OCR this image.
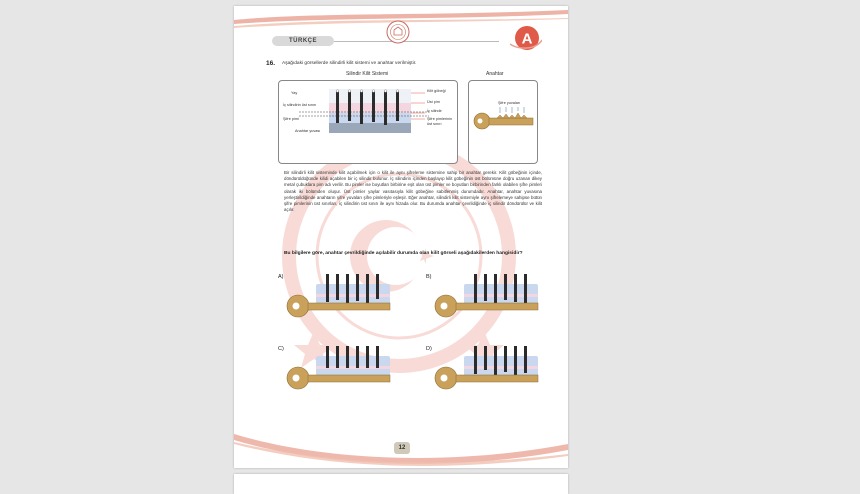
TÜRKÇE	A
16. Aşağıdaki görsellerde silindirli kilit sistemi ve anahtar verilmiştir.
Silindir Kilit Sistemi	Anahtar
Yay
İç silindirin üst sınırı
Şifre pimi
Anahtar yuvası
Kilit göbeği
Üst pim
İç silindir
Şifre pimlerinin üst sınırı
Şifre yuvaları
Bir silindirli kilit sisteminde kilit açabilmek için o kilit ile aynı şifreleme sistemine sahip bir anahtar gerekir. Kilit göbeğinin içinde, döndürüldüğünde kilidi açabilen bir iç silindir bulunur. İç silindirin içinden başlayıp kilit göbeğinin üst bölümüne doğru uzanan dikey metal çubuklara pim adı verilir. Bu pimler ise boyutları birbirine eşit olan üst pimler ve boyutları birbirinden farklı olabilen şifre pimleri olarak iki bölümden oluşur. Üst pimler yaylar vasıtasıyla kilit göbeğine sabitlenmiş durumdadır. Anahtar, anahtar yuvasına yerleştirildiğinde anahtarın şifre yuvaları şifre pimleriyle eşleşir. Eğer anahtar, silindirli kilit sistemiyle aynı şifrelemeye sahipse bütün şifre pimlerinin üst sınırları, iç silindirin üst sınırı ile aynı hizada olur. Bu durumda anahtar çevrildiğinde iç silindir döndürülür ve kilit açılır.
Bu bilgilere göre, anahtar çevrildiğinde açılabilir durumda olan kilit görseli aşağıdakilerden hangisidir?
A)	B)
C)	D)
12
